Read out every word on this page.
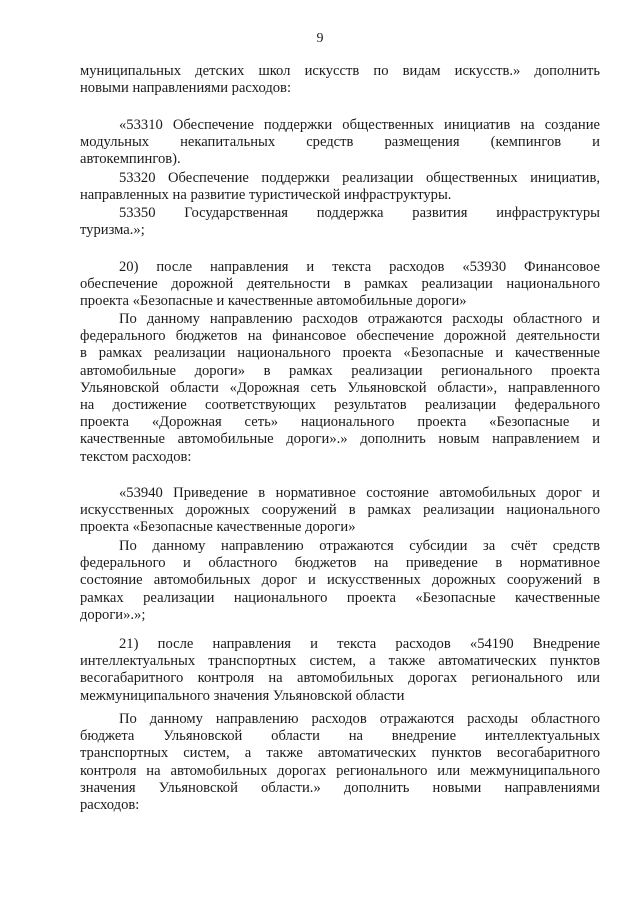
9

муниципальных детских школ искусств по видам искусств.» дополнить

новыми направлениями расходов:

«53310 Обеспечение поддержки общественных инициатив на создание

модульных некапитальных средств размещения (кемпингов и

автокемпингов).

53320 Обеспечение поддержки реализации общественных инициатив,

направленных на развитие туристической инфраструктуры.

53350 Государственная поддержка развития инфраструктуры

туризма.»;

20) после направления и текста расходов «53930 Финансовое

обеспечение дорожной деятельности в рамках реализации национального

проекта «Безопасные и качественные автомобильные дороги»

По данному направлению расходов отражаются расходы областного и

федерального бюджетов на финансовое обеспечение дорожной деятельности

в рамках реализации национального проекта «Безопасные и качественные

автомобильные дороги» в рамках реализации регионального проекта

Ульяновской области «Дорожная сеть Ульяновской области», направленного

на достижение соответствующих результатов реализации федерального

проекта «Дорожная сеть» национального проекта «Безопасные и

качественные автомобильные дороги».» дополнить новым направлением и

текстом расходов:

«53940 Приведение в нормативное состояние автомобильных дорог и

искусственных дорожных сооружений в рамках реализации национального

проекта «Безопасные качественные дороги»

По данному направлению отражаются субсидии за счёт средств

федерального и областного бюджетов на приведение в нормативное

состояние автомобильных дорог и искусственных дорожных сооружений в

рамках реализации национального проекта «Безопасные качественные

дороги».»;

21) после направления и текста расходов «54190 Внедрение

интеллектуальных транспортных систем, а также автоматических пунктов

весогабаритного контроля на автомобильных дорогах регионального или

межмуниципального значения Ульяновской области

По данному направлению расходов отражаются расходы областного

бюджета Ульяновской области на внедрение интеллектуальных

транспортных систем, а также автоматических пунктов весогабаритного

контроля на автомобильных дорогах регионального или межмуниципального

значения Ульяновской области.» дополнить новыми направлениями

расходов:
